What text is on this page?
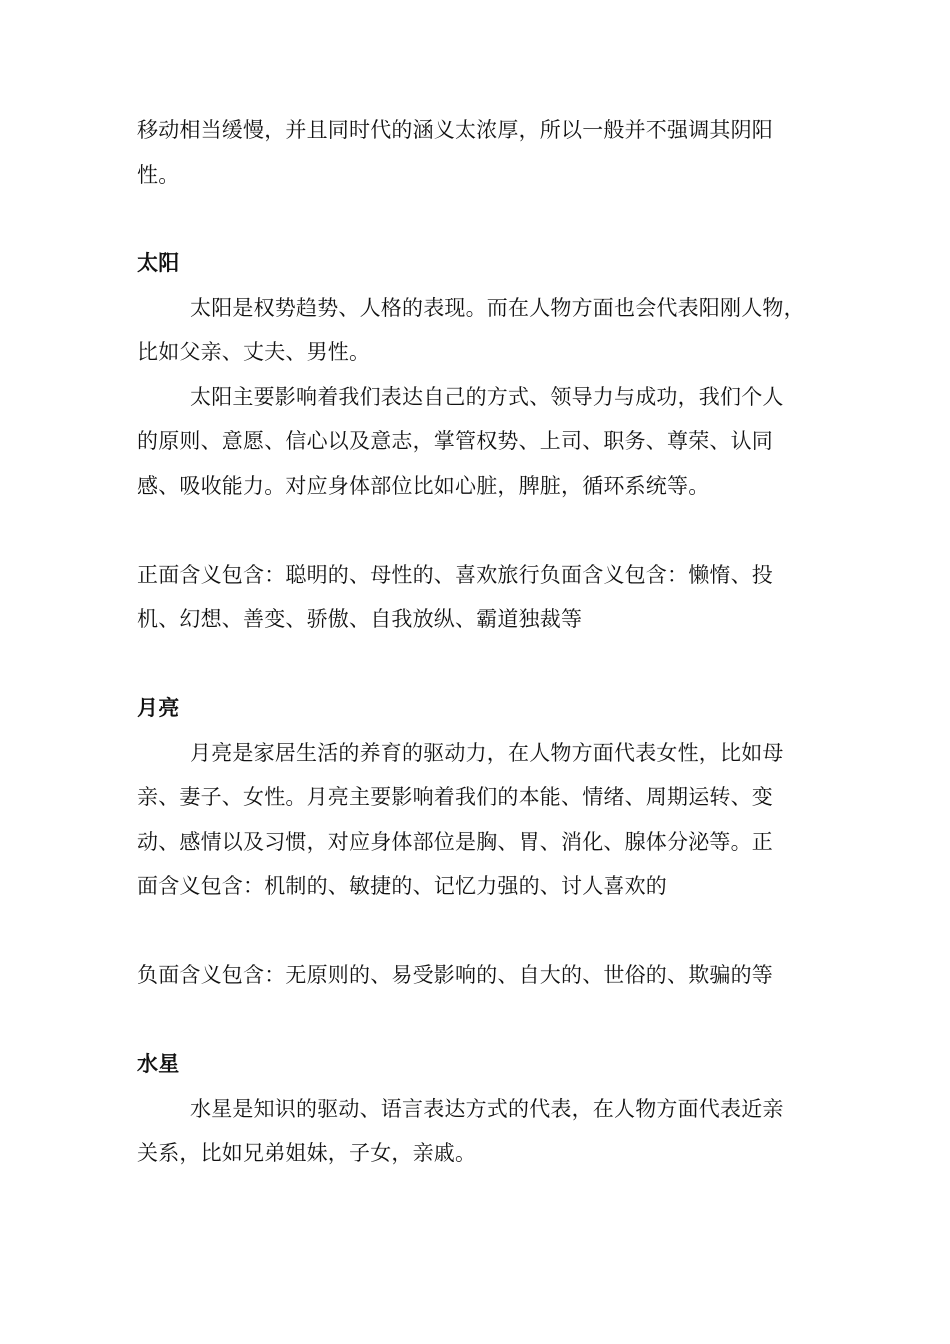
移动相当缓慢，并且同时代的涵义太浓厚，所以一般并不强调其阴阳
性。
太阳
太阳是权势趋势、人格的表现。而在人物方面也会代表阳刚人物，
比如父亲、丈夫、男性。
太阳主要影响着我们表达自己的方式、领导力与成功，我们个人
的原则、意愿、信心以及意志，掌管权势、上司、职务、尊荣、认同
感、吸收能力。对应身体部位比如心脏，脾脏，循环系统等。
正面含义包含：聪明的、母性的、喜欢旅行负面含义包含：懒惰、投
机、幻想、善变、骄傲、自我放纵、霸道独裁等
月亮
月亮是家居生活的养育的驱动力，在人物方面代表女性，比如母
亲、妻子、女性。月亮主要影响着我们的本能、情绪、周期运转、变
动、感情以及习惯，对应身体部位是胸、胃、消化、腺体分泌等。正
面含义包含：机制的、敏捷的、记忆力强的、讨人喜欢的
负面含义包含：无原则的、易受影响的、自大的、世俗的、欺骗的等
水星
水星是知识的驱动、语言表达方式的代表，在人物方面代表近亲
关系，比如兄弟姐妹，子女，亲戚。
